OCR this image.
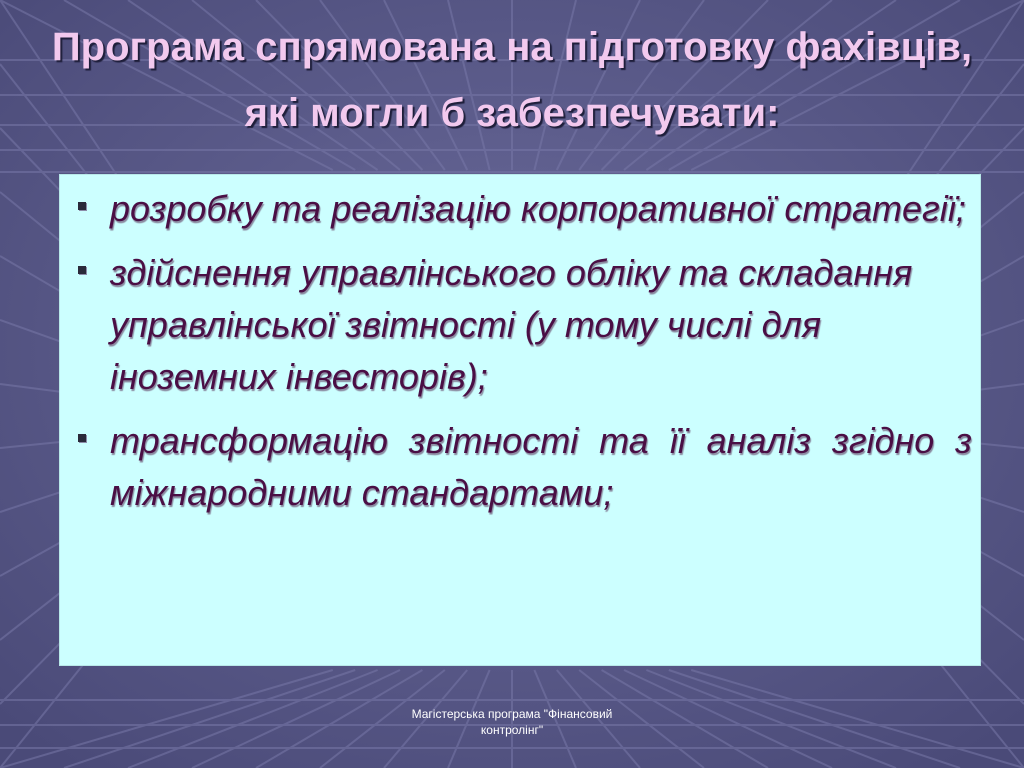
Програма спрямована на підготовку фахівців, які могли б забезпечувати:
розробку та реалізацію корпоративної стратегії;
здійснення управлінського обліку та складання управлінської звітності (у тому числі для іноземних інвесторів);
трансформацію звітності та її аналіз згідно з міжнародними стандартами;
Магістерська програма "Фінансовий контролінг"
